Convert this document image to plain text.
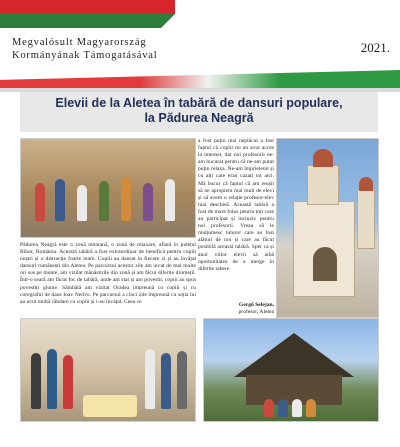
Megvalósult Magyarország
Kormányának Támogatásával
2021.
Elevii de la Aletea în tabără de dansuri populare,
la Pădurea Neagră

Pădurea Neagră este o zonă montană, o zonă de relaxare, aflată în județul Bihor, România. Această tabără a fost extraordinar de benefică pentru copiii noștri și o distracție foarte mare. Copiii au dansat in fiecare zi și au învățat dansuri românești din Aletea. Pe parcursul acestor zile am urcat de mai multe ori sus pe munte, am vizitat mănăstirile din zonă și am făcut diferite drumeții. Într-o seară am făcut foc de tabără, unde am stat și am povestit, copiii au spus povestiți glume. Sâmbătă am vizitat Oradea împreună cu copiii și cu coregraful de dans Ioav Nedvo. Pe parcursul a cinci zile împreună cu soția lui au avut multă răbdare cu copiii și i-au învățat. Ceea ce

a fost puțin mai neplăcut a fost faptul că copiii nu au avut acces la internet, dar noi profesorii ne-am bucurat pentru că ne-am putut puțin relaxa. Ne-am împrietenit și cu alți care erau cazați tot aici. Mă bucur că faptul că am reușit să ne apropiem mai mult de elevi și să avem o relație profesor-elev mai deschisă. Această tabără a fost de mare folos pentru toți care au participat și incluziv pentru noi profesorii. Vreau să le mulțumesc tuturor care au fost alături de noi și care au făcut posibilă această tabără. Sper ca și anul viitor elevii să aibă oportunitatea de a merge în diferite tabere.

Gergő Selejan,
profesor, Aletea
